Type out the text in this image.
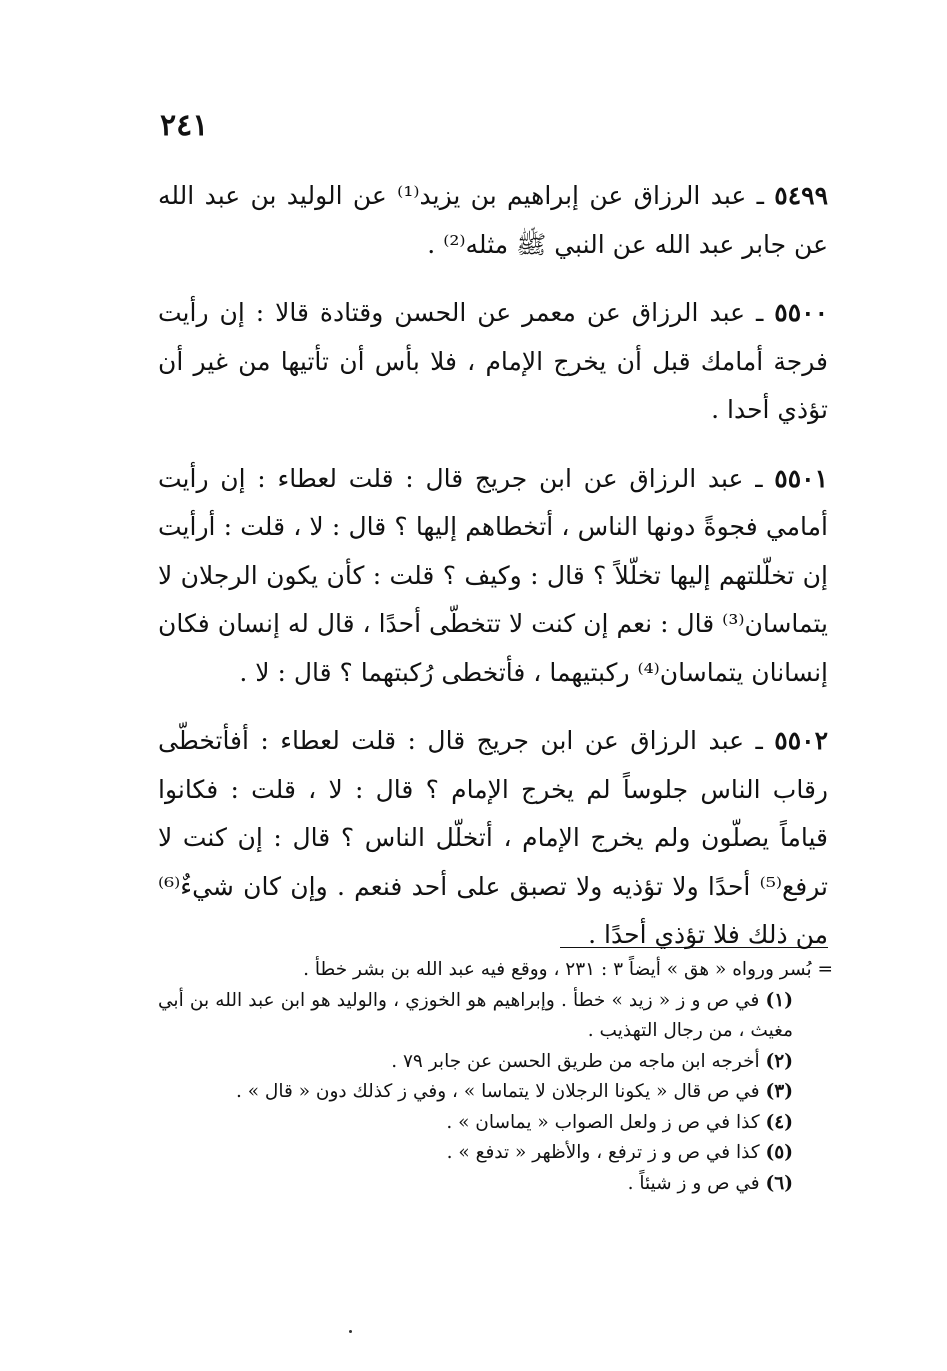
٢٤١

٥٤٩٩ ـ عبد الرزاق عن إبراهيم بن يزيد⁽¹⁾ عن الوليد بن عبد الله عن جابر عبد الله عن النبي ﷺ مثله⁽²⁾ .

٥٥٠٠ ـ عبد الرزاق عن معمر عن الحسن وقتادة قالا : إن رأيت فرجة أمامك قبل أن يخرج الإمام ، فلا بأس أن تأتيها من غير أن تؤذي أحدا .

٥٥٠١ ـ عبد الرزاق عن ابن جريج قال : قلت لعطاء : إن رأيت أمامي فجوةً دونها الناس ، أتخطاهم إليها ؟ قال : لا ، قلت : أرأيت إن تخلّلتهم إليها تخلّلاً ؟ قال : وكيف ؟ قلت : كأن يكون الرجلان لا يتماسان⁽³⁾ قال : نعم إن كنت لا تتخطّى أحدًا ، قال له إنسان فكان إنسانان يتماسان⁽⁴⁾ ركبتيهما ، فأتخطى رُكبتهما ؟ قال : لا .

٥٥٠٢ ـ عبد الرزاق عن ابن جريج قال : قلت لعطاء : أفأتخطّى رقاب الناس جلوساً لم يخرج الإمام ؟ قال : لا ، قلت : فكانوا قياماً يصلّون ولم يخرج الإمام ، أتخلّل الناس ؟ قال : إن كنت لا ترفع⁽⁵⁾ أحدًا ولا تؤذيه ولا تصبق على أحد فنعم . وإن كان شيءٌ⁽⁶⁾ من ذلك فلا تؤذي أحدًا .

= بُسر ورواه « هق » أيضاً ٣ : ٢٣١ ، ووقع فيه عبد الله بن بشر خطأ .

(١) في ص و ز « زيد » خطأ . وإبراهيم هو الخوزي ، والوليد هو ابن عبد الله بن أبي مغيث ، من رجال التهذيب .

(٢) أخرجه ابن ماجه من طريق الحسن عن جابر ٧٩ .

(٣) في ص قال « يكونا الرجلان لا يتماسا » ، وفي ز كذلك دون « قال » .

(٤) كذا في ص ز ولعل الصواب « يماسان » .

(٥) كذا في ص و ز ترفع ، والأظهر « تدفع » .

(٦) في ص و ز شيئاً .
